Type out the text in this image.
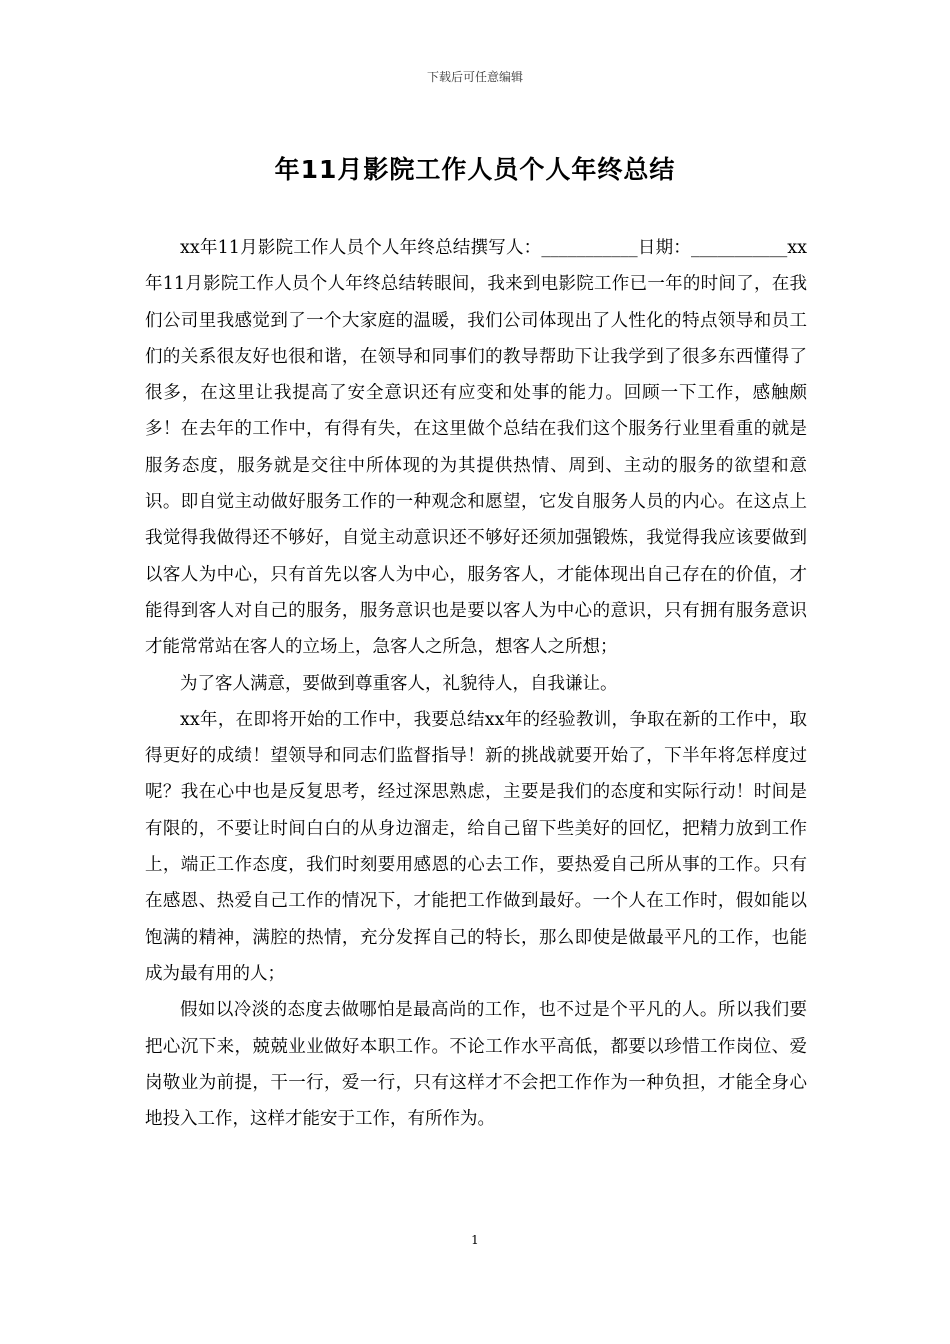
下载后可任意编辑
年11月影院工作人员个人年终总结

xx年11月影院工作人员个人年终总结撰写人：___________日期：___________xx年11月影院工作人员个人年终总结转眼间，我来到电影院工作已一年的时间了，在我们公司里我感觉到了一个大家庭的温暖，我们公司体现出了人性化的特点领导和员工们的关系很友好也很和谐，在领导和同事们的教导帮助下让我学到了很多东西懂得了很多，在这里让我提高了安全意识还有应变和处事的能力。回顾一下工作，感触颇多！在去年的工作中，有得有失，在这里做个总结在我们这个服务行业里看重的就是服务态度，服务就是交往中所体现的为其提供热情、周到、主动的服务的欲望和意识。即自觉主动做好服务工作的一种观念和愿望，它发自服务人员的内心。在这点上我觉得我做得还不够好，自觉主动意识还不够好还须加强锻炼，我觉得我应该要做到以客人为中心，只有首先以客人为中心，服务客人，才能体现出自己存在的价值，才能得到客人对自己的服务，服务意识也是要以客人为中心的意识，只有拥有服务意识才能常常站在客人的立场上，急客人之所急，想客人之所想；

为了客人满意，要做到尊重客人，礼貌待人，自我谦让。

xx年，在即将开始的工作中，我要总结xx年的经验教训，争取在新的工作中，取得更好的成绩！望领导和同志们监督指导！新的挑战就要开始了，下半年将怎样度过呢？我在心中也是反复思考，经过深思熟虑，主要是我们的态度和实际行动！时间是有限的，不要让时间白白的从身边溜走，给自己留下些美好的回忆，把精力放到工作上，端正工作态度，我们时刻要用感恩的心去工作，要热爱自己所从事的工作。只有在感恩、热爱自己工作的情况下，才能把工作做到最好。一个人在工作时，假如能以饱满的精神，满腔的热情，充分发挥自己的特长，那么即使是做最平凡的工作，也能成为最有用的人；

假如以冷淡的态度去做哪怕是最高尚的工作，也不过是个平凡的人。所以我们要把心沉下来，兢兢业业做好本职工作。不论工作水平高低，都要以珍惜工作岗位、爱岗敬业为前提，干一行，爱一行，只有这样才不会把工作作为一种负担，才能全身心地投入工作，这样才能安于工作，有所作为。

1
